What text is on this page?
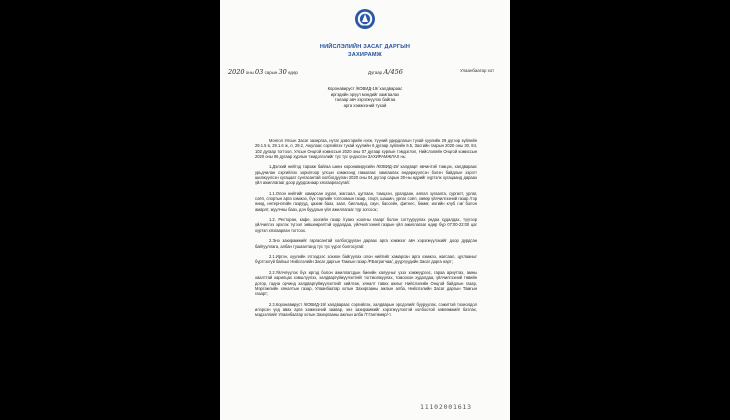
НИЙСЛЭЛИЙН ЗАСАГ ДАРГЫН
ЗАХИРАМЖ
2020 оны 03 сарын 30 өдөр	Дугаар А/456	Улаанбаатар хот
Коронавируст /КОВИД-19/ халдвараас
иргэдийн эрүүл мэндийг хамгаалах
талаар авч хэрэгжүүлэх байгаа
арга хэмжээний тухай

Монгол Улсын Засаг захиргаа, нутаг дэвсгэрийн нэгж, түүний удирдлагын тухай хуулийн 29 дүгээр зүйлийн 29.1.5 в, 29.1.6 ж, л, 29.2, Аюулаас сэргийлэх тухай хуулийн 6 дугаар зүйлийн 6.5, Засгийн газрын 2020 оны 30, 84, 102 дугаар тогтоол, Улсын Онцгой комиссын 2020 оны 07 дугаар хурлын тэмдэглэл, Нийслэлийн Онцгой комиссын 2020 оны 06 дугаар хурлын тэмдэглэлийг тус тус үндэслэн ЗАХИРАМЖЛАХ нь:

1.Дэлхий нийтэд тархаж байгаа шинэ коронавирусийн /КОВИД-19/ халдварт өвчинтэй тэмцэх, халдвараас урьдчилан сэргийлэх зорилгоор улсын хэмжээнд гамшгаас хамгаалах өндөржүүлсэн бэлэн байдлын зэрэгт шилжүүлсэн хугацаат сунгасантай холбогдуулан 2020 оны 04 дүгээр сарын 30-ны өдрийг хүртэлх хугацаанд дараах үйл ажиллагааг доор дурдсанаар хязгаарласугай:

1.1.Олон нийтийг хамарсан хурал, жагсаал, цуглаан, тэмцээн, уралдаан, аялал зугаалга, сургалт, урлаг, соёл, спортын арга хэмжээ, бүх төрлийн тоглоомын газар, спорт, шашин, урлаг соёл, хөвөр үйлчилгээний газар /тэр ниид, интернэтийн газрууд, цахим бааз, заал, билльярд, саун, бассейн, фитнес, бөмөг, иогийн клуб г.м/ болон амарлт, жуулчны бааз, дэн буудлын үйл ажиллагааг түр зогсоох;

1.2. Ресторан, кафе, зоогийн газар /гуанз хоолны газар/ болон согтууруулах ундаа худалдах, түүгээр үйлчилгээ эрхлэх түгээл зөвшөөрөлтэй худалдаа, үйлчилгээний газрын үйл ажиллагааг өдөр бүр 07:00-22:00 цаг хүртэл хязгаарлан тогтоох.

2.Энэ захирамжийг гаргасантай холбогдуулан дараах арга хэмжээг авч хэрэгжүүлэхийг доор дурдсан байгууллага, албан тушаалтанд тус тус үүрэг болгосугай:

2.1.Иргэн, хуулийн этгээдээс зохион байгуулах олон нийтийг хамарсан арга хэмжээ, жагсаал, цуглааныг бүртгэхгүй байхыг Нийслэлийн Засаг даргын Тамгын газар /Р.Батрагчаа/, дүүргүүдийн Засаг дарга нарт;

2.2.Үйлчлүүлэх бүх иргэд болон ажиллагсдын биеийн халууныг үзэх хэмжүүрээс, гараа ариутгах, амны хаалттай харилцах хэвшлүүлэх, халдваргүйжүүлэлтийг тогтмолжуулах, томоохон худалдаа, үйлчилгээний төвийн дотор, гадна орчинд халдваргүйжүүлэлтийг хийлгэж, хяналт тавих ажлыг Нийслэлийн Онцгой байдлын газар, Мэргэжлийн хяналтын газар, Улаанбаатар хотын Захиргааны ажлын алба, Нийслэлийн Засаг даргын Тамгын газарт;

2.3.Коронавируст /КОВИД-19/ халдвараас сэргийлэх, халдварын эрсдэлийг бууруулах, сэжигтэй тохиолдол илэрсэн үед авах арга хэмжээний заавар, энэ захирамжийг хэрэгжүүлэхтэй холбоотой зөвлөмжийг батлах, мэдээллийг Улаанбаатар хотын Захиргааны ажлын алба /Т.Гантөмөр/-т.

11102001613
